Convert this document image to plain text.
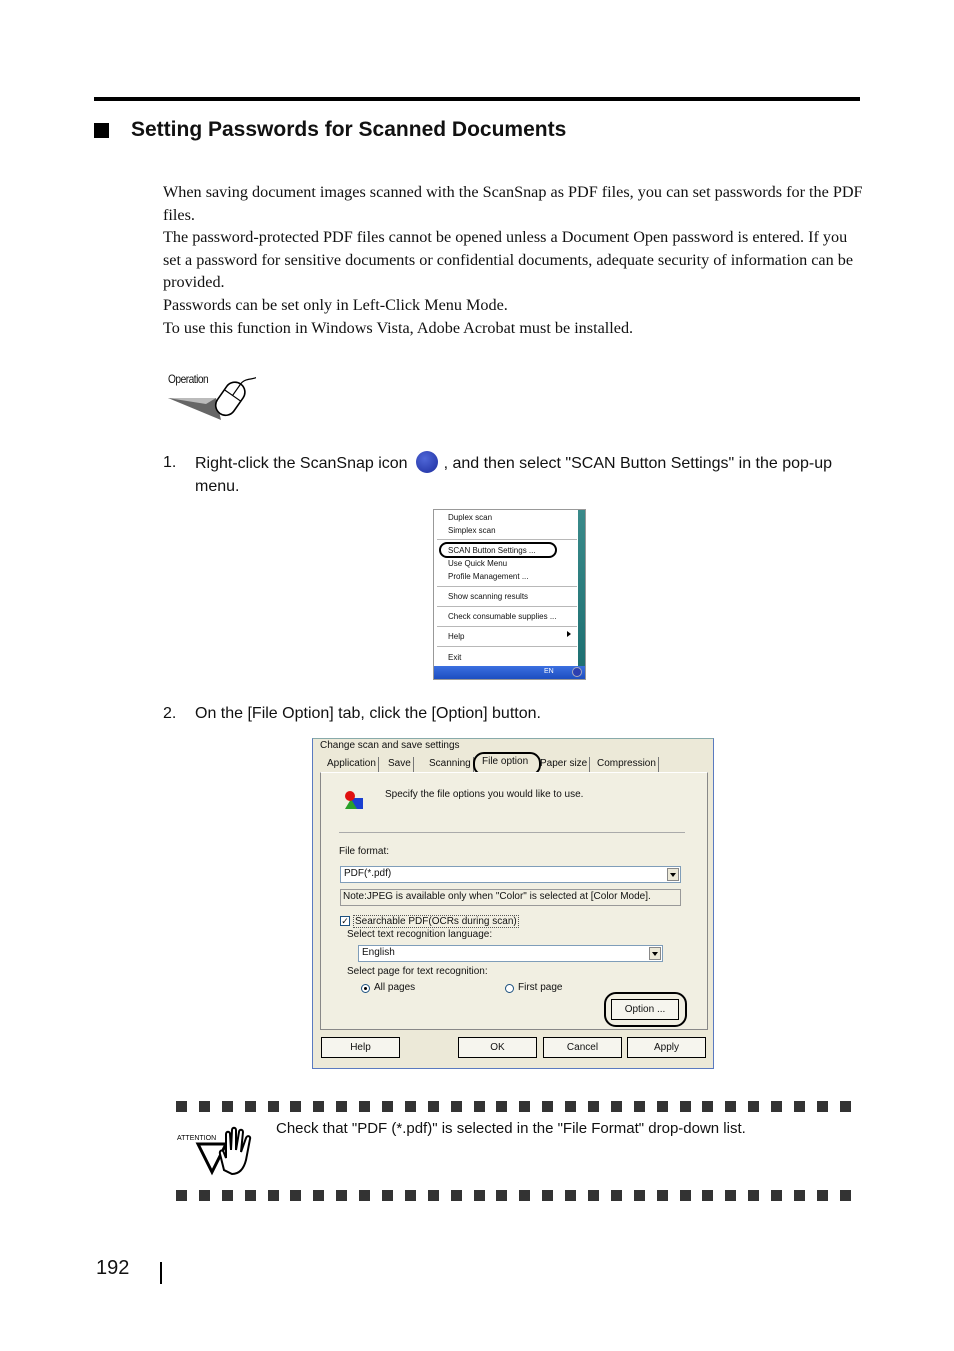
Setting Passwords for Scanned Documents

When saving document images scanned with the ScanSnap as PDF files, you can set passwords for the PDF files.

The password-protected PDF files cannot be opened unless a Document Open password is entered. If you set a password for sensitive documents or confidential documents, adequate security of information can be provided.

Passwords can be set only in Left-Click Menu Mode.

To use this function in Windows Vista, Adobe Acrobat must be installed.

Operation
1. Right-click the ScanSnap icon , and then select "SCAN Button Settings" in the pop-up menu.
Duplex scan
Simplex scan
SCAN Button Settings ...
Use Quick Menu
Profile Management ...
Show scanning results
Check consumable supplies ...
Help
Exit
EN
2. On the [File Option] tab, click the [Option] button.
Change scan and save settings
Application	Save	Scanning	File option Paper size Compression
Specify the file options you would like to use.
File format:
PDF(*.pdf)
Note:JPEG is available only when "Color" is selected at [Color Mode].
✓ Searchable PDF(OCRs during scan)
Select text recognition language:
English
Select page for text recognition:
All pages	First page
Option ...
Help	OK	Cancel	Apply
ATTENTION
Check that "PDF (*.pdf)" is selected in the "File Format" drop-down list.
192
